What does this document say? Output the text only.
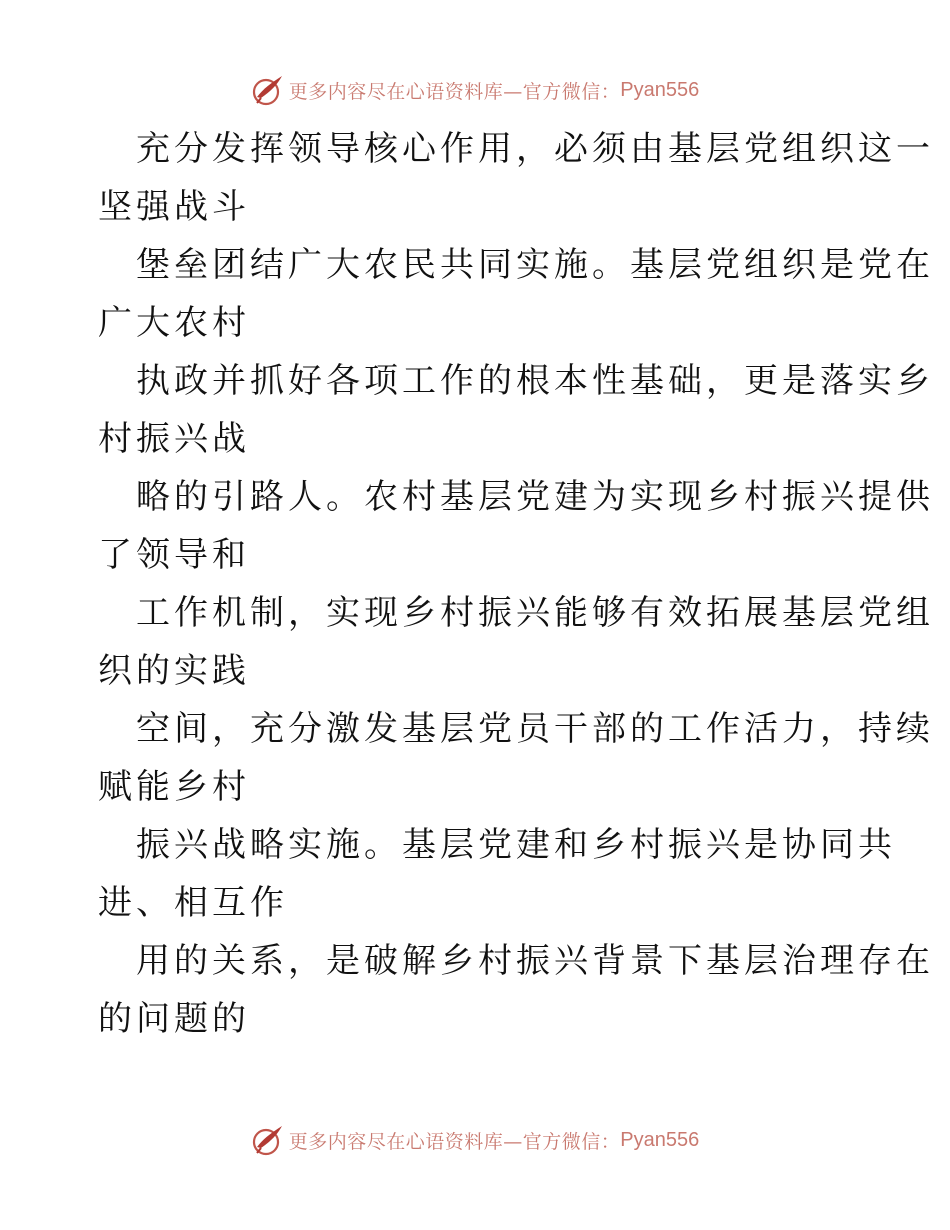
更多内容尽在心语资料库—官方微信： Pyan556
充分发挥领导核心作用，必须由基层党组织这一
坚强战斗
堡垒团结广大农民共同实施。基层党组织是党在
广大农村
执政并抓好各项工作的根本性基础，更是落实乡
村振兴战
略的引路人。农村基层党建为实现乡村振兴提供
了领导和
工作机制，实现乡村振兴能够有效拓展基层党组
织的实践
空间，充分激发基层党员干部的工作活力，持续
赋能乡村
振兴战略实施。基层党建和乡村振兴是协同共
进、相互作
用的关系，是破解乡村振兴背景下基层治理存在
的问题的
更多内容尽在心语资料库—官方微信： Pyan556
